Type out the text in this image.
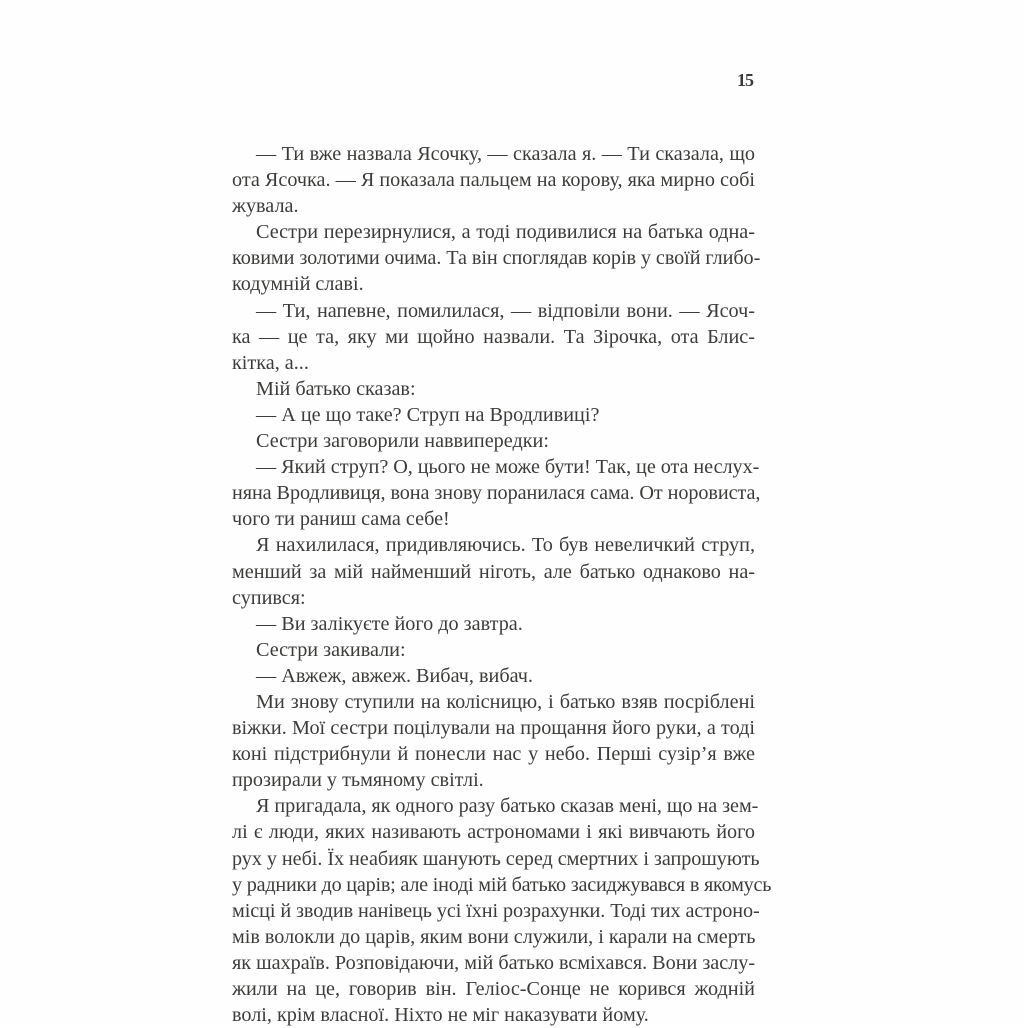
15
— Ти вже назвала Ясочку, — сказала я. — Ти сказала, що
ота Ясочка. — Я показала пальцем на корову, яка мирно собі
жувала.
Сестри перезирнулися, а тоді подивилися на батька одна-
ковими золотими очима. Та він споглядав корів у своїй глибо-
кодумній славі.
— Ти, напевне, помилилася, — відповіли вони. — Ясоч-
ка — це та, яку ми щойно назвали. Та Зірочка, ота Блис-
кітка, а...
Мій батько сказав:
— А це що таке? Струп на Вродливиці?
Сестри заговорили наввипередки:
— Який струп? О, цього не може бути! Так, це ота неслух-
няна Вродливиця, вона знову поранилася сама. От норовиста,
чого ти раниш сама себе!
Я нахилилася, придивляючись. То був невеличкий струп,
менший за мій найменший ніготь, але батько однаково на-
супився:
— Ви залікуєте його до завтра.
Сестри закивали:
— Авжеж, авжеж. Вибач, вибач.
Ми знову ступили на колісницю, і батько взяв посріблені
віжки. Мої сестри поцілували на прощання його руки, а тоді
коні підстрибнули й понесли нас у небо. Перші сузір’я вже
прозирали у тьмяному світлі.
Я пригадала, як одного разу батько сказав мені, що на зем-
лі є люди, яких називають астрономами і які вивчають його
рух у небі. Їх неабияк шанують серед смертних і запрошують
у радники до царів; але іноді мій батько засиджувався в якомусь
місці й зводив нанівець усі їхні розрахунки. Тоді тих астроно-
мів волокли до царів, яким вони служили, і карали на смерть
як шахраїв. Розповідаючи, мій батько всміхався. Вони заслу-
жили на це, говорив він. Геліос-Сонце не корився жодній
волі, крім власної. Ніхто не міг наказувати йому.
